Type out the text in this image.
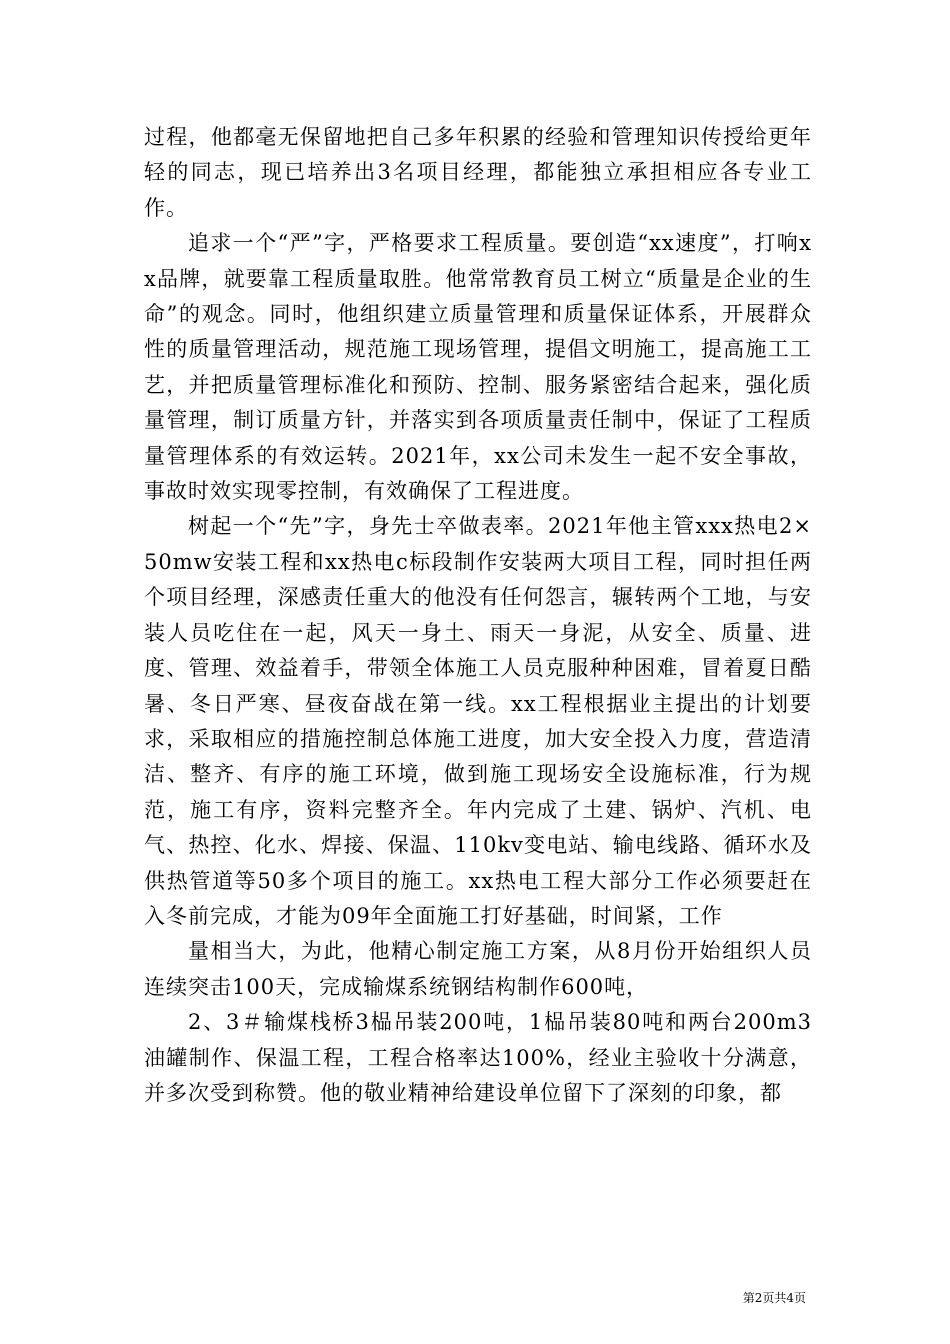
过程，他都毫无保留地把自己多年积累的经验和管理知识传授给更年轻的同志，现已培养出3名项目经理，都能独立承担相应各专业工作。

追求一个“严”字，严格要求工程质量。要创造“xx速度”，打响xx品牌，就要靠工程质量取胜。他常常教育员工树立“质量是企业的生命”的观念。同时，他组织建立质量管理和质量保证体系，开展群众性的质量管理活动，规范施工现场管理，提倡文明施工，提高施工工艺，并把质量管理标准化和预防、控制、服务紧密结合起来，强化质量管理，制订质量方针，并落实到各项质量责任制中，保证了工程质量管理体系的有效运转。2021年，xx公司未发生一起不安全事故，事故时效实现零控制，有效确保了工程进度。

树起一个“先”字，身先士卒做表率。2021年他主管xxx热电2×50mw安装工程和xx热电c标段制作安装两大项目工程，同时担任两个项目经理，深感责任重大的他没有任何怨言，辗转两个工地，与安装人员吃住在一起，风天一身土、雨天一身泥，从安全、质量、进度、管理、效益着手，带领全体施工人员克服种种困难，冒着夏日酷暑、冬日严寒、昼夜奋战在第一线。xx工程根据业主提出的计划要求，采取相应的措施控制总体施工进度，加大安全投入力度，营造清洁、整齐、有序的施工环境，做到施工现场安全设施标准，行为规范，施工有序，资料完整齐全。年内完成了土建、锅炉、汽机、电气、热控、化水、焊接、保温、110kv变电站、输电线路、循环水及供热管道等50多个项目的施工。xx热电工程大部分工作必须要赶在入冬前完成，才能为09年全面施工打好基础，时间紧，工作

量相当大，为此，他精心制定施工方案，从8月份开始组织人员连续突击100天，完成输煤系统钢结构制作600吨，

2、3＃输煤栈桥3榀吊装200吨，1榀吊装80吨和两台200m3油罐制作、保温工程，工程合格率达100%，经业主验收十分满意，并多次受到称赞。他的敬业精神给建设单位留下了深刻的印象，都

第2页共4页
